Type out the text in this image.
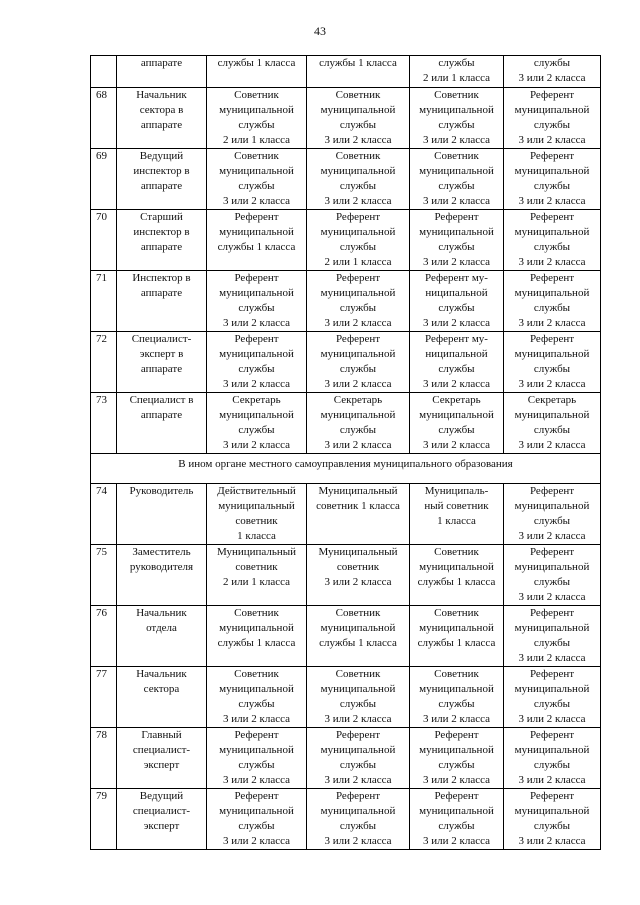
43

	аппарате	службы 1 класса	службы 1 класса	службы
2 или 1 класса	службы
3 или 2 класса

68	Начальник
сектора в
аппарате	Советник
муниципальной
службы
2 или 1 класса	Советник
муниципальной
службы
3 или 2 класса	Советник
муниципальной
службы
3 или 2 класса	Референт
муниципальной
службы
3 или 2 класса

69	Ведущий
инспектор в
аппарате	Советник
муниципальной
службы
3 или 2 класса	Советник
муниципальной
службы
3 или 2 класса	Советник
муниципальной
службы
3 или 2 класса	Референт
муниципальной
службы
3 или 2 класса

70	Старший
инспектор в
аппарате	Референт
муниципальной
службы 1 класса	Референт
муниципальной
службы
2 или 1 класса	Референт
муниципальной
службы
3 или 2 класса	Референт
муниципальной
службы
3 или 2 класса

71	Инспектор в
аппарате	Референт
муниципальной
службы
3 или 2 класса	Референт
муниципальной
службы
3 или 2 класса	Референт му-
ниципальной
службы
3 или 2 класса	Референт
муниципальной
службы
3 или 2 класса

72	Специалист-
эксперт в
аппарате	Референт
муниципальной
службы
3 или 2 класса	Референт
муниципальной
службы
3 или 2 класса	Референт му-
ниципальной
службы
3 или 2 класса	Референт
муниципальной
службы
3 или 2 класса

73	Специалист в
аппарате	Секретарь
муниципальной
службы
3 или 2 класса	Секретарь
муниципальной
службы
3 или 2 класса	Секретарь
муниципальной
службы
3 или 2 класса	Секретарь
муниципальной
службы
3 или 2 класса

В ином органе местного самоуправления муниципального образования					
74	Руководитель	Действительный
муниципальный
советник
1 класса	Муниципальный
советник 1 класса	Муниципаль-
ный советник
1 класса	Референт
муниципальной
службы
3 или 2 класса

75	Заместитель
руководителя	Муниципальный
советник
2 или 1 класса	Муниципальный
советник
3 или 2 класса	Советник
муниципальной
службы 1 класса	Референт
муниципальной
службы
3 или 2 класса

76	Начальник
отдела	Советник
муниципальной
службы 1 класса	Советник
муниципальной
службы 1 класса	Советник
муниципальной
службы 1 класса	Референт
муниципальной
службы
3 или 2 класса

77	Начальник
сектора	Советник
муниципальной
службы
3 или 2 класса	Советник
муниципальной
службы
3 или 2 класса	Советник
муниципальной
службы
3 или 2 класса	Референт
муниципальной
службы
3 или 2 класса

78	Главный
специалист-
эксперт	Референт
муниципальной
службы
3 или 2 класса	Референт
муниципальной
службы
3 или 2 класса	Референт
муниципальной
службы
3 или 2 класса	Референт
муниципальной
службы
3 или 2 класса

79	Ведущий
специалист-
эксперт	Референт
муниципальной
службы
3 или 2 класса	Референт
муниципальной
службы
3 или 2 класса	Референт
муниципальной
службы
3 или 2 класса	Референт
муниципальной
службы
3 или 2 класса
